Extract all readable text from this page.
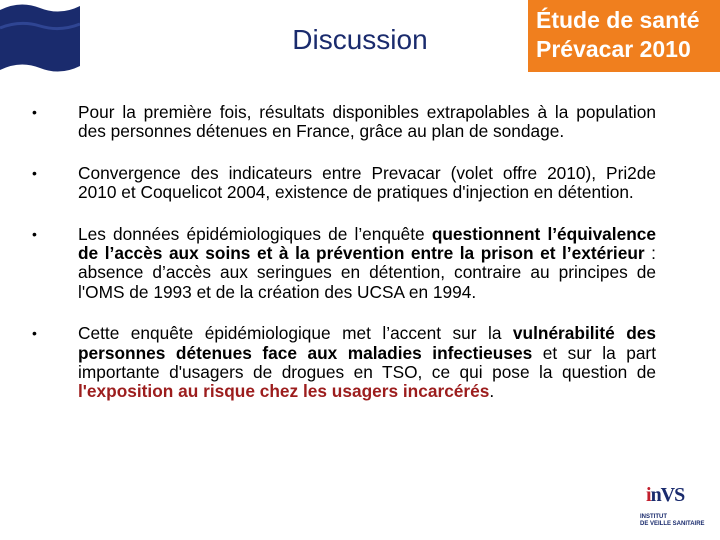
Discussion
Étude de santé
Prévacar 2010
• Pour la première fois, résultats disponibles extrapolables à la population des personnes détenues en France, grâce au plan de sondage.
• Convergence des indicateurs entre Prevacar (volet offre 2010), Pri2de 2010 et Coquelicot 2004, existence de pratiques d'injection en détention.
• Les données épidémiologiques de l’enquête questionnent l’équivalence de l’accès aux soins et à la prévention entre la prison et l’extérieur : absence d’accès aux seringues en détention, contraire au principes de l'OMS de 1993 et de la création des UCSA en 1994.
• Cette enquête épidémiologique met l’accent sur la vulnérabilité des personnes détenues face aux maladies infectieuses et sur la part importante d'usagers de drogues en TSO, ce qui pose la question de l'exposition au risque chez les usagers incarcérés.
inVS
INSTITUT
DE VEILLE SANITAIRE
